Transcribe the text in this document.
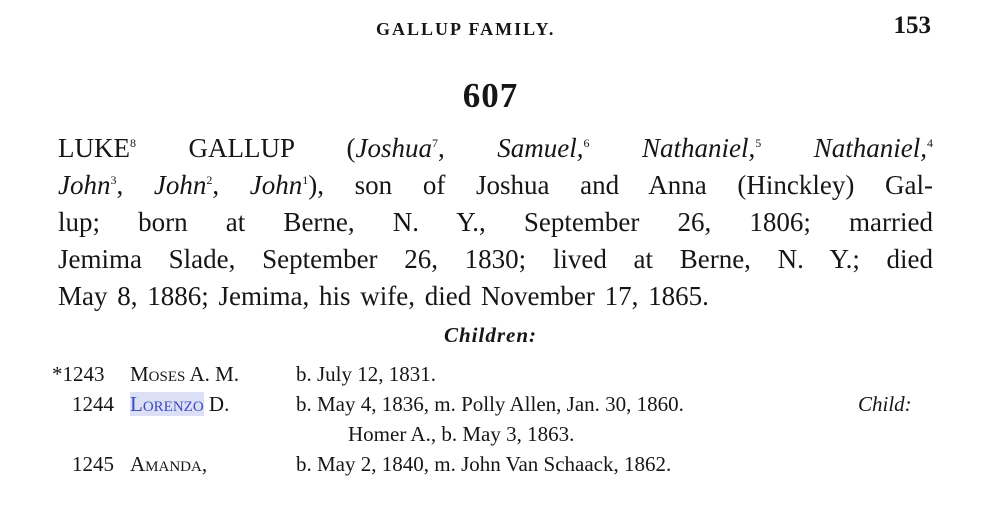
GALLUP FAMILY.	153
607
LUKE$^8$ GALLUP (Joshua$^7$, Samuel,$^6$ Nathaniel,$^5$ Nathaniel,$^4$
John$^3$, John$^2$, John$^1$), son of Joshua and Anna (Hinckley) Gal-
lup; born at Berne, N. Y., September 26, 1806; married
Jemima Slade, September 26, 1830; lived at Berne, N. Y.; died
May 8, 1886; Jemima, his wife, died November 17, 1865.
Children:
*1243 Moses A. M.	b. July 12, 1831.
1244 Lorenzo D.	b. May 4, 1836, m. Polly Allen, Jan. 30, 1860.	Child:
Homer A., b. May 3, 1863.
1245 Amanda,	b. May 2, 1840, m. John Van Schaack, 1862.
